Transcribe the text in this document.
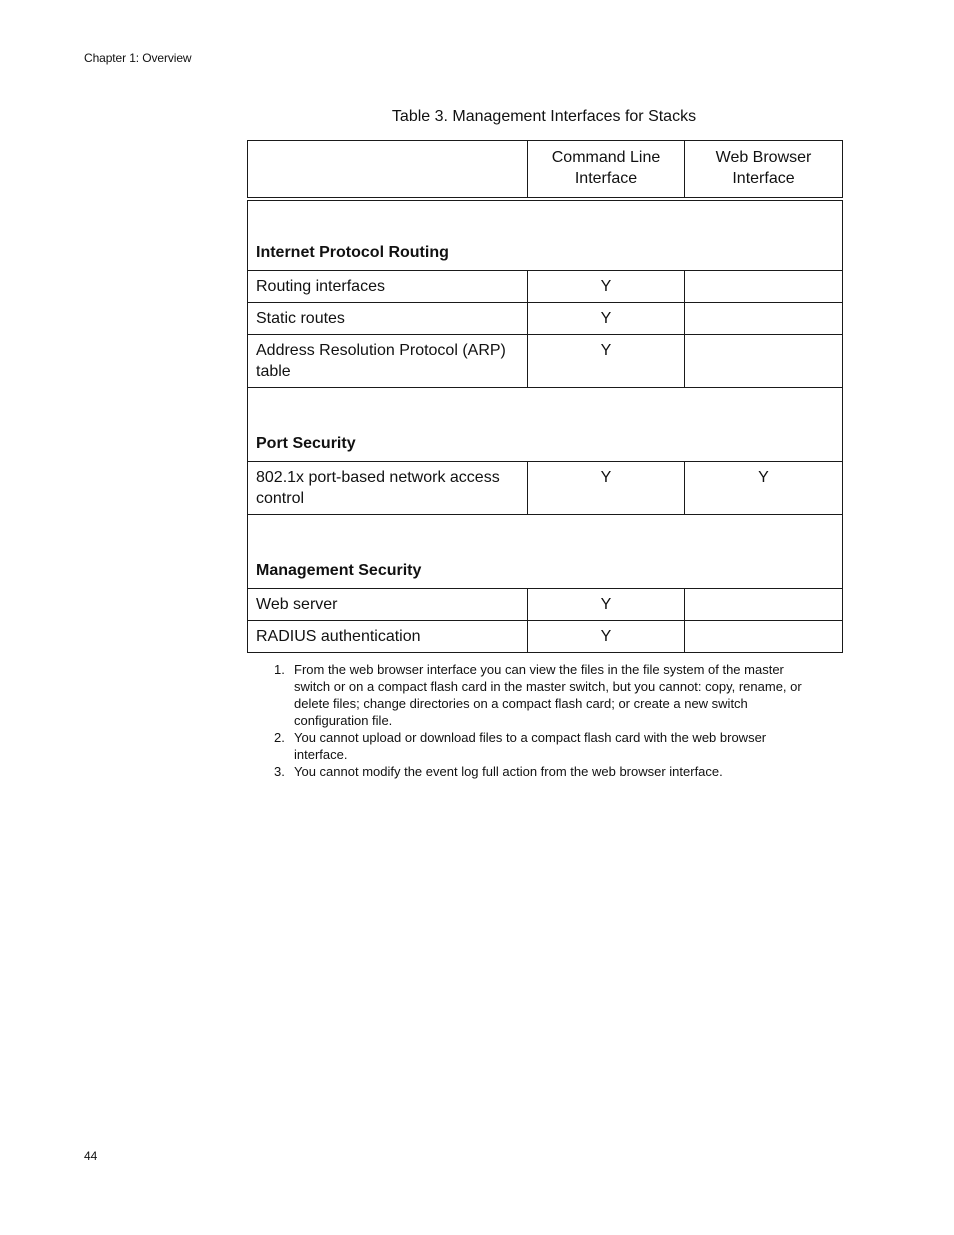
Chapter 1: Overview
Table 3. Management Interfaces for Stacks
	Command Line Interface	Web Browser Interface
Internet Protocol Routing		
Routing interfaces	Y	
Static routes	Y	
Address Resolution Protocol (ARP) table	Y	
Port Security		
802.1x port-based network access control	Y	Y
Management Security		
Web server	Y	
RADIUS authentication	Y	
1. From the web browser interface you can view the files in the file system of the master switch or on a compact flash card in the master switch, but you cannot: copy, rename, or delete files; change directories on a compact flash card; or create a new switch configuration file.
2. You cannot upload or download files to a compact flash card with the web browser interface.
3. You cannot modify the event log full action from the web browser interface.
44
